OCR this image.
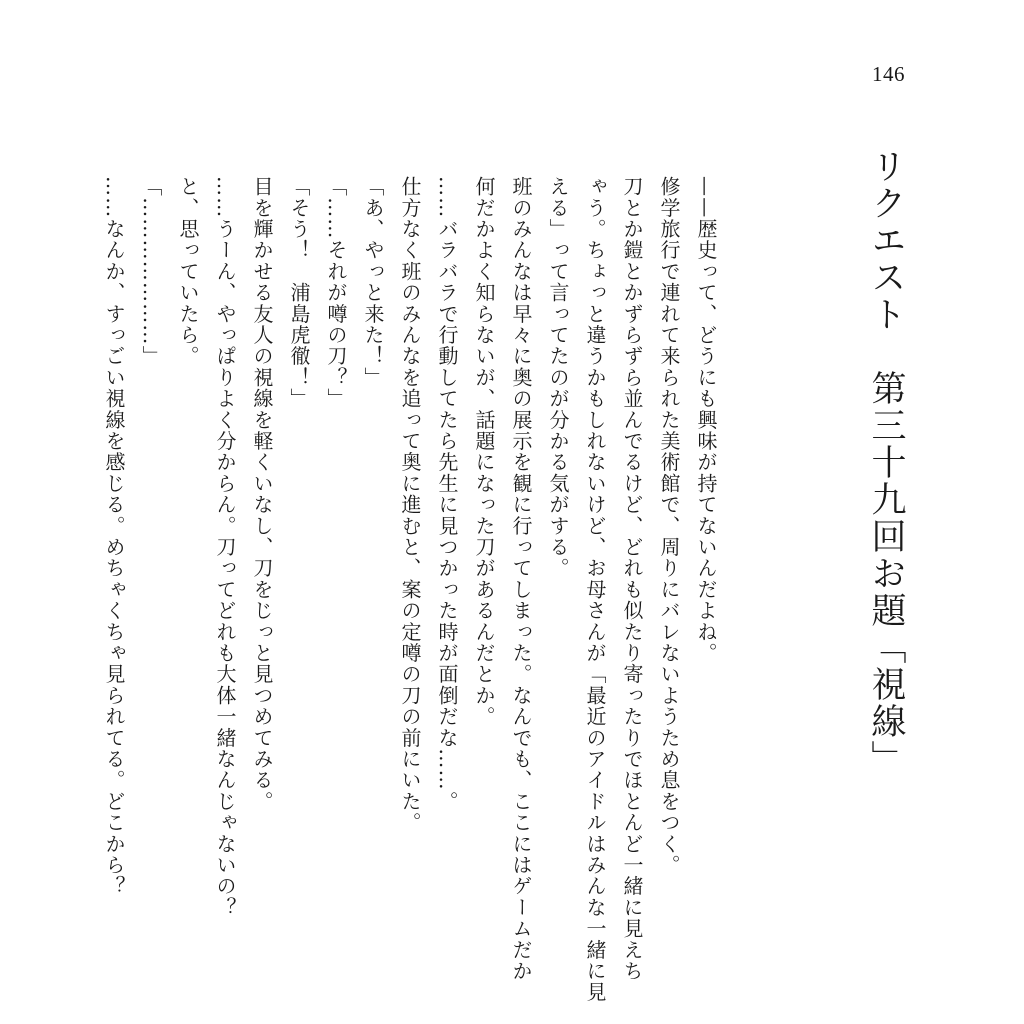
146
リクエスト　第三十九回お題「視線」

——歴史って、どうにも興味が持てないんだよね。

修学旅行で連れて来られた美術館で、周りにバレないようため息をつく。

刀とか鎧とかずらずら並んでるけど、どれも似たり寄ったりでほとんど一緒に見えち
ゃう。ちょっと違うかもしれないけど、お母さんが「最近のアイドルはみんな一緒に見
える」って言ってたのが分かる気がする。

班のみんなは早々に奥の展示を観に行ってしまった。なんでも、ここにはゲームだか
何だかよく知らないが、話題になった刀があるんだとか。

……バラバラで行動してたら先生に見つかった時が面倒だな……。

仕方なく班のみんなを追って奥に進むと、案の定噂の刀の前にいた。

「あ、やっと来た！」

「……それが噂の刀？」

「そう！　浦島虎徹！」

目を輝かせる友人の視線を軽くいなし、刀をじっと見つめてみる。

……うーん、やっぱりよく分からん。刀ってどれも大体一緒なんじゃないの？

と、思っていたら。

「…………………」

……なんか、すっごい視線を感じる。めちゃくちゃ見られてる。どこから？
